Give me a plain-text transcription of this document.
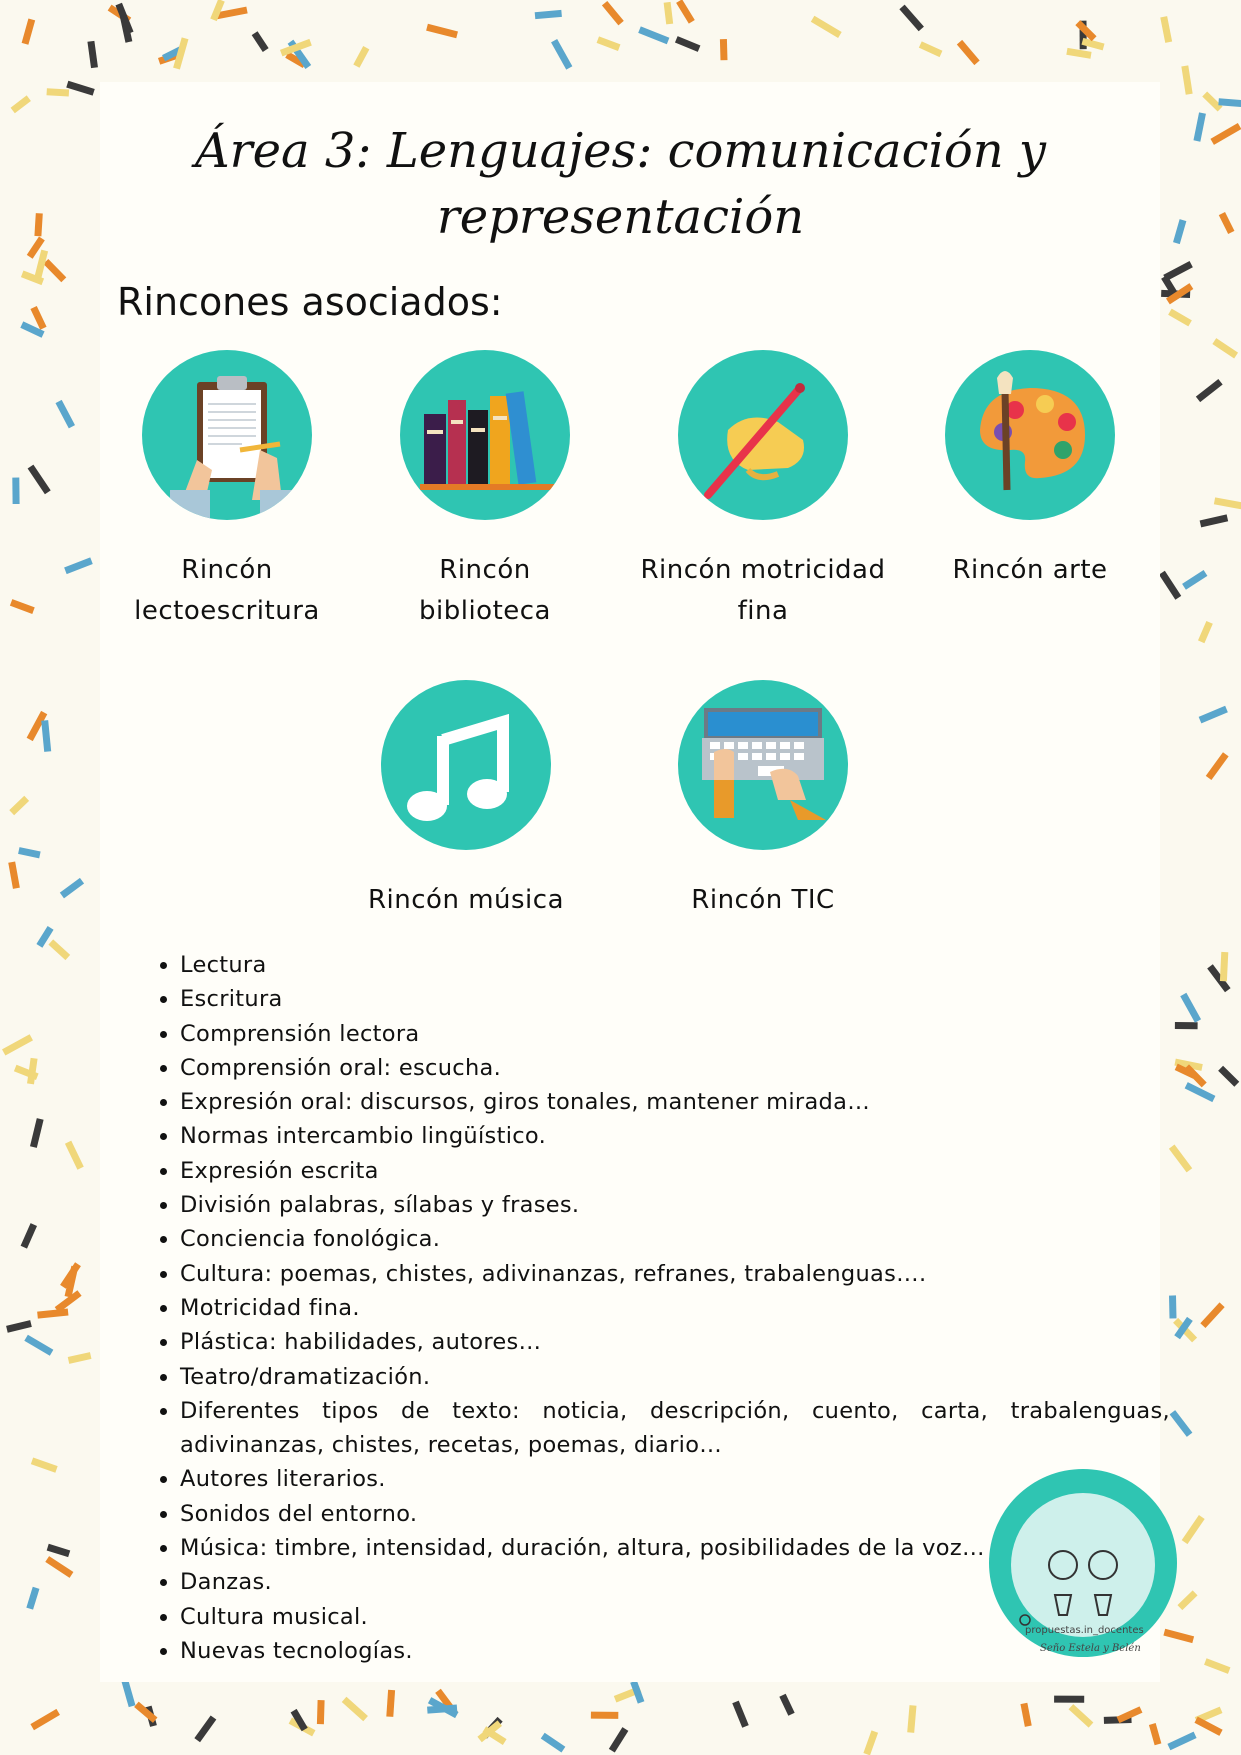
Área 3: Lenguajes: comunicación y
representación
Rincones asociados:
Rincón
lectoescritura
Rincón
biblioteca
Rincón motricidad
fina
Rincón arte
Rincón música	Rincón TIC
• Lectura
• Escritura
• Comprensión lectora
• Comprensión oral: escucha.
• Expresión oral: discursos, giros tonales, mantener mirada…
• Normas intercambio lingüístico.
• Expresión escrita
• División palabras, sílabas y frases.
• Conciencia fonológica.
• Cultura: poemas, chistes, adivinanzas, refranes, trabalenguas….
• Motricidad fina.
• Plástica: habilidades, autores…
• Teatro/dramatización.
• Diferentes tipos de texto: noticia, descripción, cuento, carta, trabalenguas, adivinanzas, chistes, recetas, poemas, diario…
• Autores literarios.
• Sonidos del entorno.
• Música: timbre, intensidad, duración, altura, posibilidades de la voz…
• Danzas.
• Cultura musical.
• Nuevas tecnologías.
propuestas.in_docentes
Seño Estela y Belén
